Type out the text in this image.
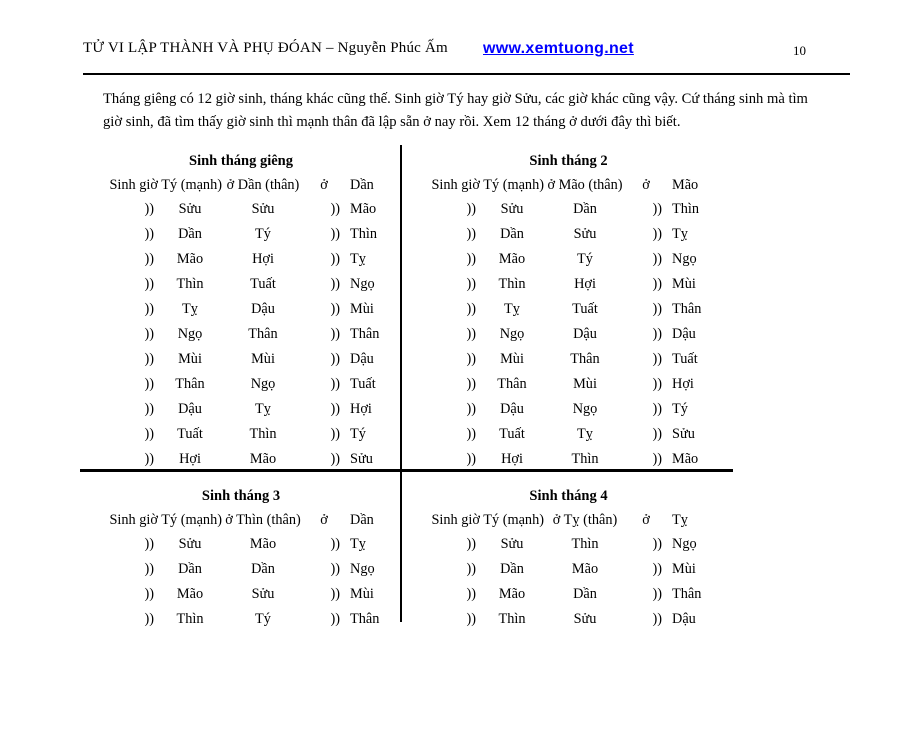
TỬ VI LẬP THÀNH VÀ PHỤ ĐÓAN – Nguyễn Phúc Ấm www.xemtuong.net	10

Tháng giêng có 12 giờ sinh, tháng khác cũng thế. Sinh giờ Tý hay giờ Sửu, các giờ khác cũng vậy. Cứ tháng sinh mà tìm giờ sinh, đã tìm thấy giờ sinh thì mạnh thân đã lập sẵn ở nay rồi. Xem 12 tháng ở dưới đây thì biết.

Sinh tháng giêng
Sinh giờ Tý (mạnh) ở Dần (thân)	ở	Dần
))	Sửu	Sửu	)) Mão
))	Dần	Tý	)) Thìn
))	Mão	Hợi	)) Tỵ
))	Thìn	Tuất	)) Ngọ
))	Tỵ	Dậu	)) Mùi
))	Ngọ	Thân	)) Thân
))	Mùi	Mùi	)) Dậu
))	Thân	Ngọ	)) Tuất
))	Dậu	Tỵ	)) Hợi
))	Tuất	Thìn	)) Tý
))	Hợi	Mão	)) Sửu
Sinh tháng 3
Sinh giờ Tý (mạnh) ở Thìn (thân)	ở	Dần
))	Sửu	Mão	)) Tỵ
))	Dần	Dần	)) Ngọ
))	Mão	Sửu	)) Mùi
))	Thìn	Tý	)) Thân
Sinh tháng 2
Sinh giờ Tý (mạnh) ở Mão (thân)	ở	Mão
))	Sửu	Dần	)) Thìn
))	Dần	Sửu	)) Tỵ
))	Mão	Tý	)) Ngọ
))	Thìn	Hợi	)) Mùi
))	Tỵ	Tuất	)) Thân
))	Ngọ	Dậu	)) Dậu
))	Mùi	Thân	)) Tuất
))	Thân	Mùi	)) Hợi
))	Dậu	Ngọ	)) Tý
))	Tuất	Tỵ	)) Sửu
))	Hợi	Thìn	)) Mão
Sinh tháng 4
Sinh giờ Tý (mạnh) ở Tỵ (thân)	ở	Tỵ
))	Sửu	Thìn	)) Ngọ
))	Dần	Mão	)) Mùi
))	Mão	Dần	)) Thân
))	Thìn	Sửu	)) Dậu
